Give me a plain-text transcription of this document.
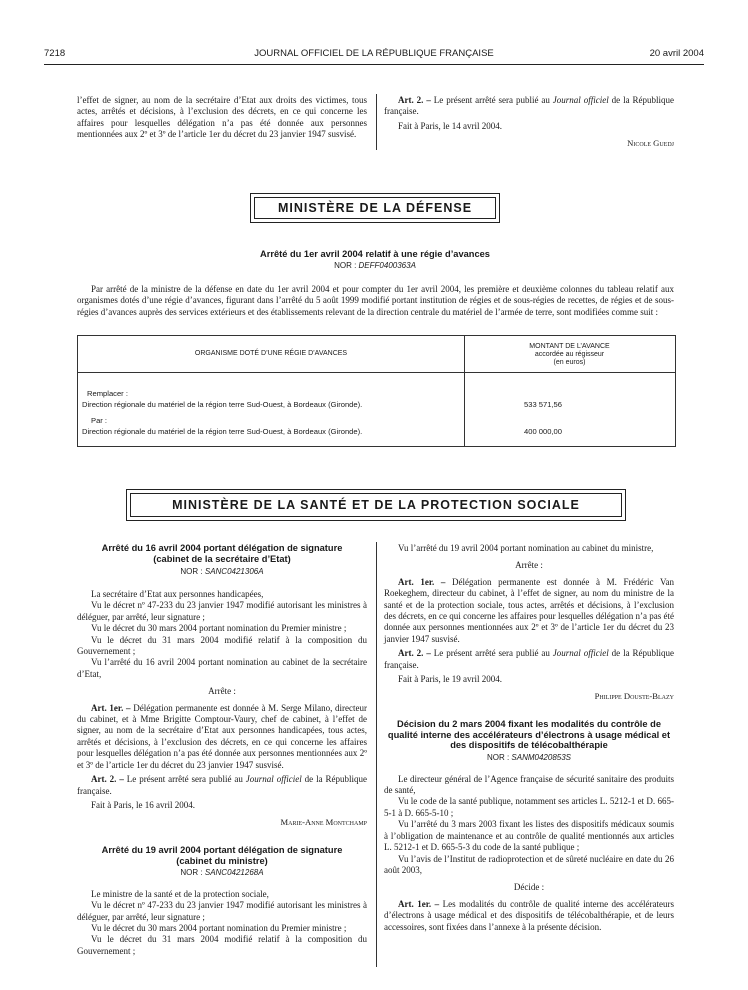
7218	JOURNAL OFFICIEL DE LA RÉPUBLIQUE FRANÇAISE	20 avril 2004

l’effet de signer, au nom de la secrétaire d’Etat aux droits des victimes, tous actes, arrêtés et décisions, à l’exclusion des décrets, en ce qui concerne les affaires pour lesquelles délégation n’a pas été donnée aux personnes mentionnées aux 2º et 3º de l’article 1er du décret du 23 janvier 1947 susvisé.

Art. 2. – Le présent arrêté sera publié au Journal officiel de la République française.

Fait à Paris, le 14 avril 2004.

Nicole Guedj

MINISTÈRE DE LA DÉFENSE
Arrêté du 1er avril 2004 relatif à une régie d’avances
NOR : DEFF0400363A

Par arrêté de la ministre de la défense en date du 1er avril 2004 et pour compter du 1er avril 2004, les première et deuxième colonnes du tableau relatif aux organismes dotés d’une régie d’avances, figurant dans l’arrêté du 5 août 1999 modifié portant institution de régies et de sous-régies de recettes, de régies et de sous-régies d’avances auprès des services extérieurs et des établissements relevant de la direction centrale du matériel de l’armée de terre, sont modifiées comme suit :

ORGANISME DOTÉ D’UNE RÉGIE D’AVANCES
MONTANT DE L’AVANCE
accordée au régisseur
(en euros)
Remplacer :
Direction régionale du matériel de la région terre Sud-Ouest, à Bordeaux (Gironde).	533 571,56
Par :
Direction régionale du matériel de la région terre Sud-Ouest, à Bordeaux (Gironde).	400 000,00
MINISTÈRE DE LA SANTÉ ET DE LA PROTECTION SOCIALE
Arrêté du 16 avril 2004 portant délégation de signature (cabinet de la secrétaire d’Etat)
NOR : SANC0421306A

La secrétaire d’Etat aux personnes handicapées,

Vu le décret nº 47-233 du 23 janvier 1947 modifié autorisant les ministres à déléguer, par arrêté, leur signature ;

Vu le décret du 30 mars 2004 portant nomination du Premier ministre ;

Vu le décret du 31 mars 2004 modifié relatif à la composition du Gouvernement ;

Vu l’arrêté du 16 avril 2004 portant nomination au cabinet de la secrétaire d’Etat,

Arrête :

Art. 1er. – Délégation permanente est donnée à M. Serge Milano, directeur du cabinet, et à Mme Brigitte Comptour-Vaury, chef de cabinet, à l’effet de signer, au nom de la secrétaire d’Etat aux personnes handicapées, tous actes, arrêtés et décisions, à l’exclusion des décrets, en ce qui concerne les affaires pour lesquelles délégation n’a pas été donnée aux personnes mentionnées aux 2º et 3º de l’article 1er du décret du 23 janvier 1947 susvisé.

Art. 2. – Le présent arrêté sera publié au Journal officiel de la République française.

Fait à Paris, le 16 avril 2004.

Marie-Anne Montchamp

Arrêté du 19 avril 2004 portant délégation de signature (cabinet du ministre)
NOR : SANC0421268A

Le ministre de la santé et de la protection sociale,

Vu le décret nº 47-233 du 23 janvier 1947 modifié autorisant les ministres à déléguer, par arrêté, leur signature ;

Vu le décret du 30 mars 2004 portant nomination du Premier ministre ;

Vu le décret du 31 mars 2004 modifié relatif à la composition du Gouvernement ;

Vu l’arrêté du 19 avril 2004 portant nomination au cabinet du ministre,

Arrête :

Art. 1er. – Délégation permanente est donnée à M. Frédéric Van Roekeghem, directeur du cabinet, à l’effet de signer, au nom du ministre de la santé et de la protection sociale, tous actes, arrêtés et décisions, à l’exclusion des décrets, en ce qui concerne les affaires pour lesquelles délégation n’a pas été donnée aux personnes mentionnées aux 2º et 3º de l’article 1er du décret du 23 janvier 1947 susvisé.

Art. 2. – Le présent arrêté sera publié au Journal officiel de la République française.

Fait à Paris, le 19 avril 2004.

Philippe Douste-Blazy

Décision du 2 mars 2004 fixant les modalités du contrôle de qualité interne des accélérateurs d’électrons à usage médical et des dispositifs de télécobalthérapie
NOR : SANM0420853S

Le directeur général de l’Agence française de sécurité sanitaire des produits de santé,

Vu le code de la santé publique, notamment ses articles L. 5212-1 et D. 665-5-1 à D. 665-5-10 ;

Vu l’arrêté du 3 mars 2003 fixant les listes des dispositifs médicaux soumis à l’obligation de maintenance et au contrôle de qualité mentionnés aux articles L. 5212-1 et D. 665-5-3 du code de la santé publique ;

Vu l’avis de l’Institut de radioprotection et de sûreté nucléaire en date du 26 août 2003,

Décide :

Art. 1er. – Les modalités du contrôle de qualité interne des accélérateurs d’électrons à usage médical et des dispositifs de télécobalthérapie, et de leurs accessoires, sont fixées dans l’annexe à la présente décision.
